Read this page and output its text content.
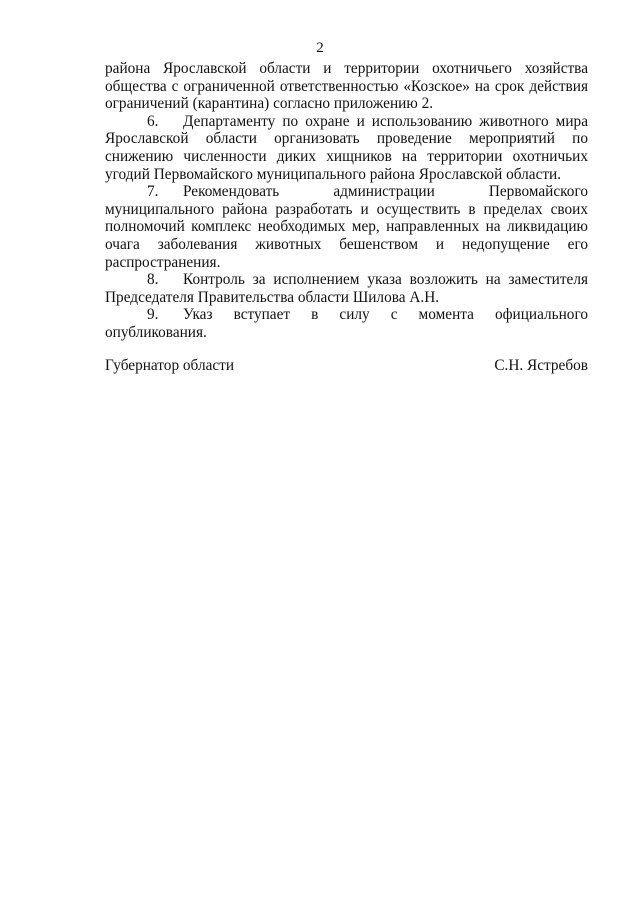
2

района Ярославской области и территории охотничьего хозяйства общества с ограниченной ответственностью «Козское» на срок действия ограничений (карантина) согласно приложению 2.

6. Департаменту по охране и использованию животного мира Ярославской области организовать проведение мероприятий по снижению численности диких хищников на территории охотничьих угодий Первомайского муниципального района Ярославской области.

7. Рекомендовать администрации Первомайского муниципального района разработать и осуществить в пределах своих полномочий комплекс необходимых мер, направленных на ликвидацию очага заболевания животных бешенством и недопущение его распространения.

8. Контроль за исполнением указа возложить на заместителя Председателя Правительства области Шилова А.Н.

9. Указ вступает в силу с момента официального опубликования.

Губернатор области	С.Н. Ястребов
